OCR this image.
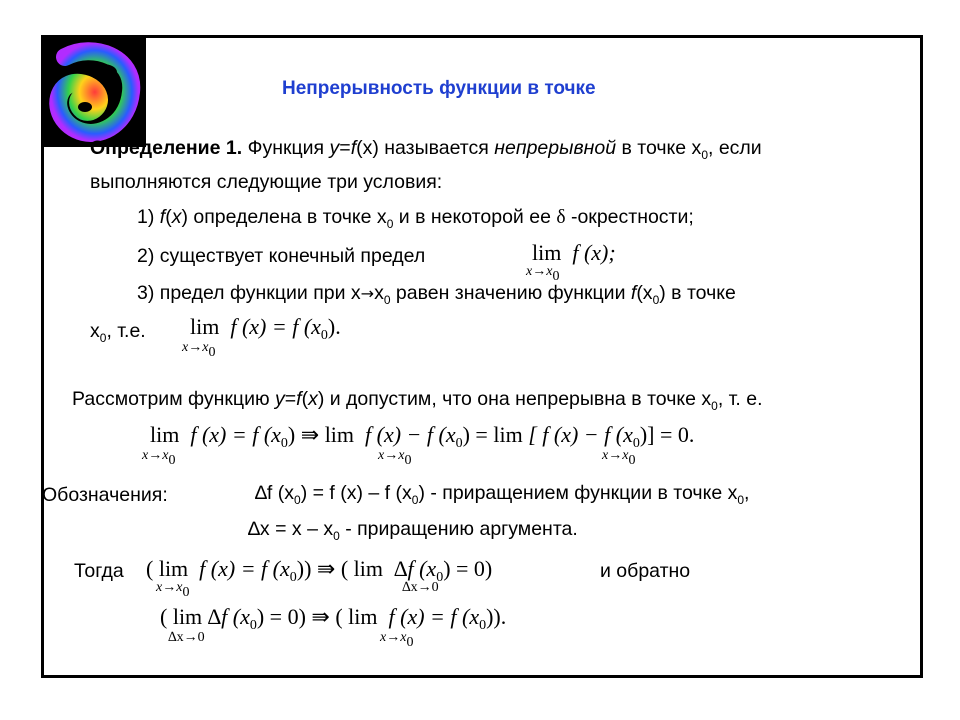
Непрерывность функции в точке
Определение 1. Функция y=f(x) называется непрерывной в точке $x_0$, если
выполняются следующие три условия:
1) f(x) определена в точке $x_0$ и в некоторой ее δ -окрестности;
2) существует конечный предел	lim f (x);
x→x0
3) предел функции при $x\to x_0$ равен значению функции $f(x_0)$ в точке
$x_0$, т.е. lim f (x) = f $(x_0)$.
x→x0
Рассмотрим функцию y=f(x) и допустим, что она непрерывна в точке $x_0$, т. е.
lim f (x) = f $(x_0)$ ⇛ lim f (x) − f $(x_0) = \lim$ [ f (x) − f $(x_0)] = 0$.
x→x0	x→x0	x→x0
Обозначения:	∆f $(x_0) = f$ (x) – f $(x_0)$ - приращением функции в точке $x_0$,
$\Delta x = x - x_0$ - приращению аргумента.
Тогда ( lim f (x) = f $(x_0)$) ⇛ ( lim ∆f $(x_0) = 0$)
x→x0	∆x→0
и обратно
( lim ∆f $(x_0) = 0$) ⇛ ( lim f (x) = f $(x_0)$).
∆x→0	x→x0
